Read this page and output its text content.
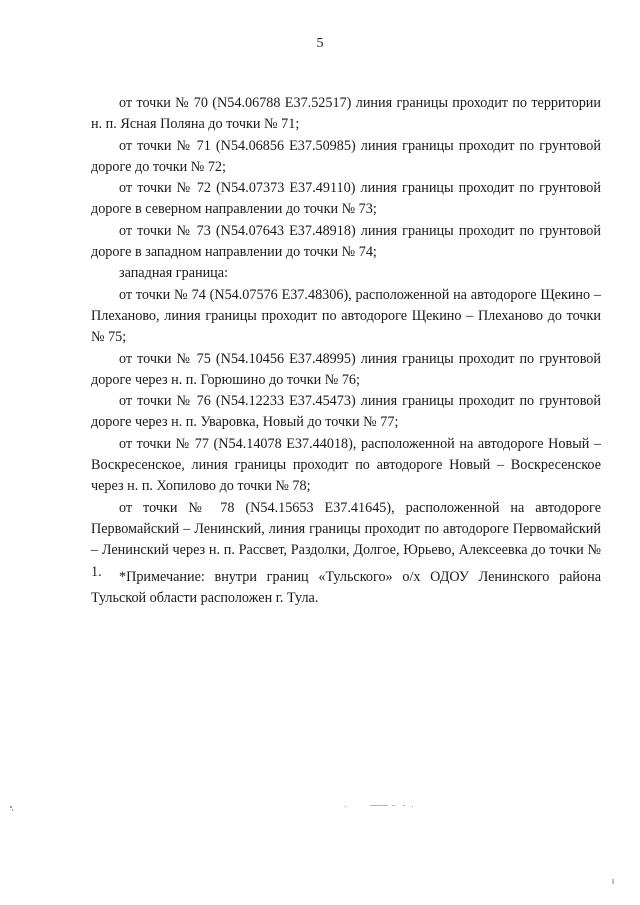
5

от точки № 70 (N54.06788 E37.52517) линия границы проходит по территории н. п. Ясная Поляна до точки № 71;

от точки № 71 (N54.06856 E37.50985) линия границы проходит по грунтовой дороге до точки № 72;

от точки № 72 (N54.07373 E37.49110) линия границы проходит по грунтовой дороге в северном направлении до точки № 73;

от точки № 73 (N54.07643 E37.48918) линия границы проходит по грунтовой дороге в западном направлении до точки № 74;

западная граница:

от точки № 74 (N54.07576 E37.48306), расположенной на автодороге Щекино – Плеханово, линия границы проходит по автодороге Щекино – Плеханово до точки № 75;

от точки № 75 (N54.10456 E37.48995) линия границы проходит по грунтовой дороге через н. п. Горюшино до точки № 76;

от точки № 76 (N54.12233 E37.45473) линия границы проходит по грунтовой дороге через н. п. Уваровка, Новый до точки № 77;

от точки № 77 (N54.14078 E37.44018), расположенной на автодороге Новый – Воскресенское, линия границы проходит по автодороге Новый – Воскресенское через н. п. Хопилово до точки № 78;

от точки № 78 (N54.15653 E37.41645), расположенной на автодороге Первомайский – Ленинский, линия границы проходит по автодороге Первомайский – Ленинский через н. п. Рассвет, Раздолки, Долгое, Юрьево, Алексеевка до точки № 1.	*Примечание: внутри границ «Тульского» о/х ОДОУ Ленинского района Тульской области расположен г. Тула.
